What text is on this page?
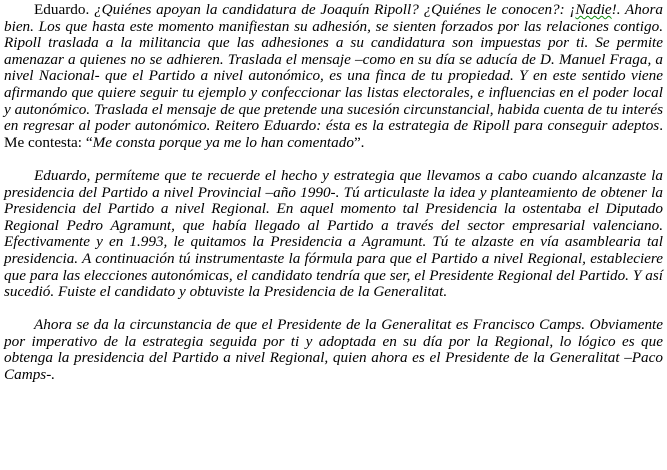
Eduardo. ¿Quiénes apoyan la candidatura de Joaquín Ripoll? ¿Quiénes le conocen?: ¡Nadie!. Ahora bien. Los que hasta este momento manifiestan su adhesión, se sienten forzados por las relaciones contigo. Ripoll traslada a la militancia que las adhesiones a su candidatura son impuestas por ti. Se permite amenazar a quienes no se adhieren. Traslada el mensaje –como en su día se aducía de D. Manuel Fraga, a nivel Nacional- que el Partido a nivel autonómico, es una finca de tu propiedad. Y en este sentido viene afirmando que quiere seguir tu ejemplo y confeccionar las listas electorales, e influencias en el poder local y autonómico. Traslada el mensaje de que pretende una sucesión circunstancial, habida cuenta de tu interés en regresar al poder autonómico. Reitero Eduardo: ésta es la estrategia de Ripoll para conseguir adeptos. Me contesta: “Me consta porque ya me lo han comentado”.

Eduardo, permíteme que te recuerde el hecho y estrategia que llevamos a cabo cuando alcanzaste la presidencia del Partido a nivel Provincial –año 1990-. Tú articulaste la idea y planteamiento de obtener la Presidencia del Partido a nivel Regional. En aquel momento tal Presidencia la ostentaba el Diputado Regional Pedro Agramunt, que había llegado al Partido a través del sector empresarial valenciano. Efectivamente y en 1.993, le quitamos la Presidencia a Agramunt. Tú te alzaste en vía asamblearia tal presidencia. A continuación tú instrumentaste la fórmula para que el Partido a nivel Regional, estableciere que para las elecciones autonómicas, el candidato tendría que ser, el Presidente Regional del Partido. Y así sucedió. Fuiste el candidato y obtuviste la Presidencia de la Generalitat.

Ahora se da la circunstancia de que el Presidente de la Generalitat es Francisco Camps. Obviamente por imperativo de la estrategia seguida por ti y adoptada en su día por la Regional, lo lógico es que obtenga la presidencia del Partido a nivel Regional, quien ahora es el Presidente de la Generalitat –Paco Camps-.
